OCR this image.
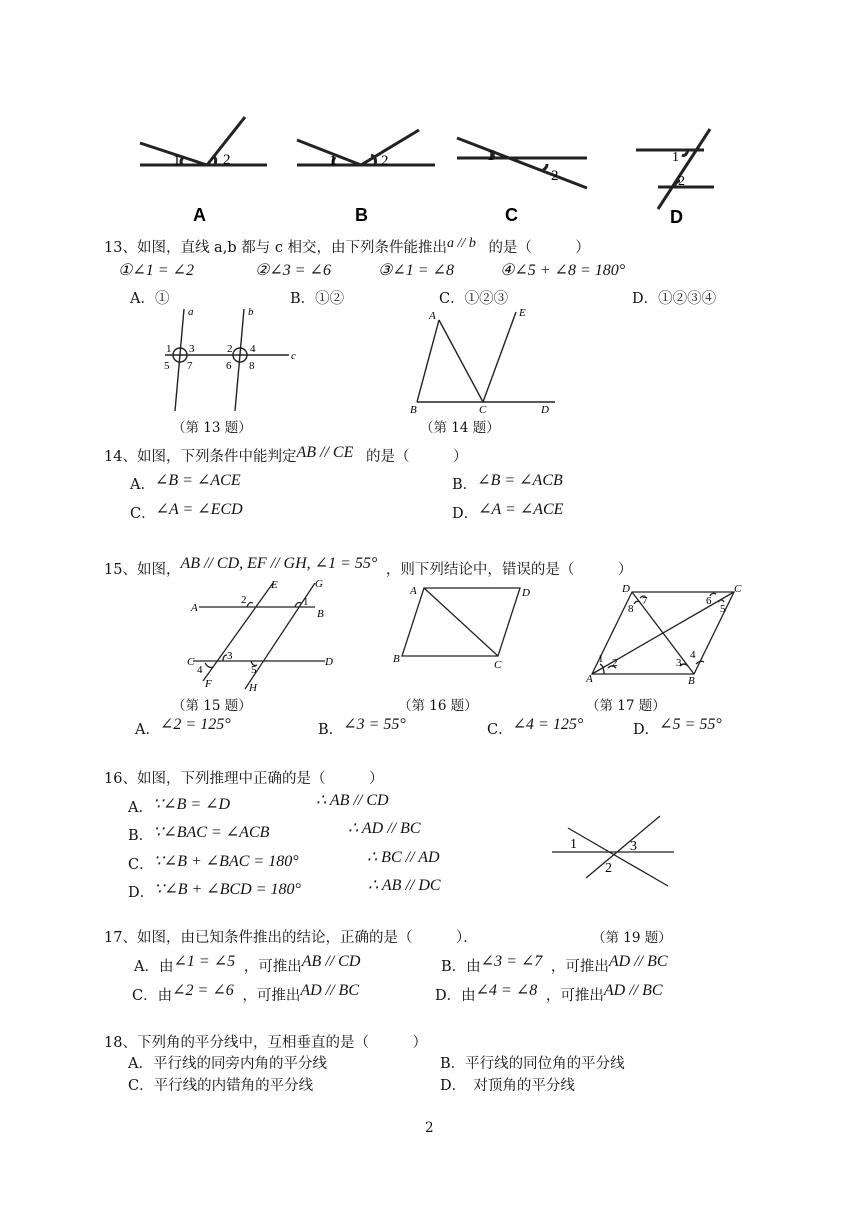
1	2
A
1	2
B
1
2
C
1
2
D
13、如图，直线 a,b 都与 c 相交，由下列条件能推出a // b 的是（　　　）
①∠1 = ∠2	②∠3 = ∠6	③∠1 = ∠8	④∠5 + ∠8 = 180°
A．①	B．①②	C．①②③	D．①②③④
a	b
c
1 3
5 7
2 4
6 8
（第 13 题）
A	E
B	C	D
（第 14 题）
14、如图，下列条件中能判定AB // CE 的是（　　　）
A．∠B = ∠ACE	B．∠B = ∠ACB
C．∠A = ∠ECD	D．∠A = ∠ACE
15、如图，AB // CD, EF // GH, ∠1 = 55° ，则下列结论中，错误的是（　　　）
A	B
C	D
E
F
G
H
2	1
3
4	5
（第 15 题）
A	D
B	C
（第 16 题）
D	C
A	B
1 2	3
4
5
6
7
8
（第 17 题）
A．∠2 = 125°	B．∠3 = 55°	C．∠4 = 125°	D．∠5 = 55°
16、如图，下列推理中正确的是（　　　）
A．∵∠B = ∠D	∴ AB // CD
B．∵∠BAC = ∠ACB	∴ AD // BC
C．∵∠B + ∠BAC = 180°	∴ BC // AD
D．∵∠B + ∠BCD = 180°	∴ AB // DC
1	3
2
17、如图，由已知条件推出的结论，正确的是（　　　）．	（第 19 题）
A．由∠1 = ∠5 ，可推出AB // CD	B．由∠3 = ∠7 ，可推出AD // BC
C．由∠2 = ∠6 ，可推出AD // BC	D．由∠4 = ∠8 ，可推出AD // BC
18、下列角的平分线中，互相垂直的是（　　　）
A．平行线的同旁内角的平分线	B．平行线的同位角的平分线
C．平行线的内错角的平分线	D．　对顶角的平分线
2
